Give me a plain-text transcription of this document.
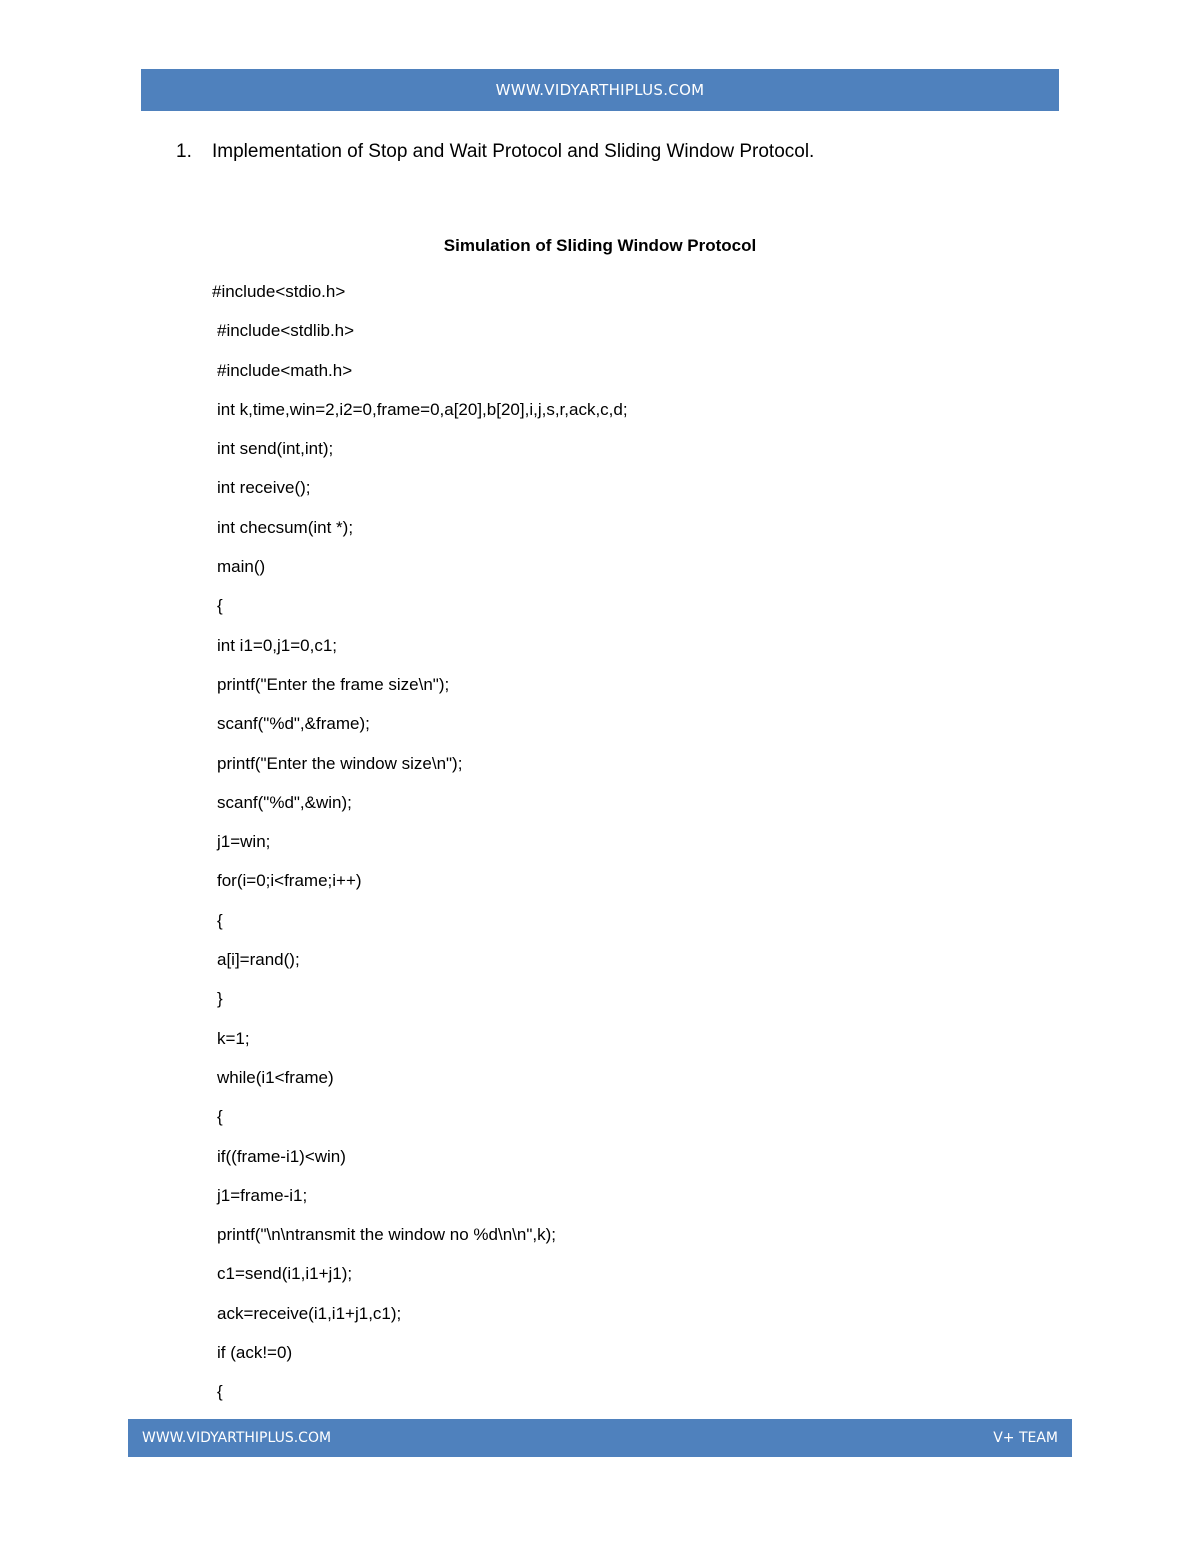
WWW.VIDYARTHIPLUS.COM
1. Implementation of Stop and Wait Protocol and Sliding Window Protocol.
Simulation of Sliding Window Protocol
#include<stdio.h>
#include<stdlib.h>
#include<math.h>
int k,time,win=2,i2=0,frame=0,a[20],b[20],i,j,s,r,ack,c,d;
int send(int,int);
int receive();
int checsum(int *);
main()
{
int i1=0,j1=0,c1;
printf("Enter the frame size\n");
scanf("%d",&frame);
printf("Enter the window size\n");
scanf("%d",&win);
j1=win;
for(i=0;i<frame;i++)
{
a[i]=rand();
}
k=1;
while(i1<frame)
{
if((frame-i1)<win)
j1=frame-i1;
printf("\n\ntransmit the window no %d\n\n",k);
c1=send(i1,i1+j1);
ack=receive(i1,i1+j1,c1);
if (ack!=0)
{
WWW.VIDYARTHIPLUS.COM	V+ TEAM
